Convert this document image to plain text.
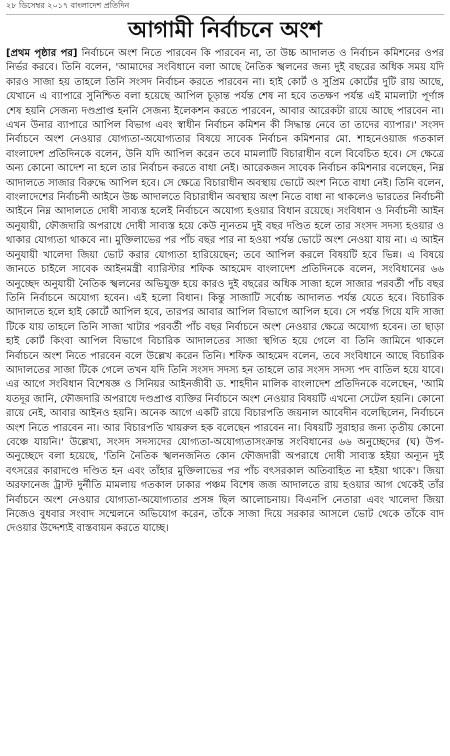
২৮ ডিসেম্বর ২০১৭ বাংলাদেশ প্রতিদিন
আগামী নির্বাচনে অংশ

[প্রথম পৃষ্ঠার পর] নির্বাচনে অংশ নিতে পারবেন কি পারবেন না, তা উচ্চ আদালত ও নির্বাচন কমিশনের ওপর নির্ভর করবে। তিনি বলেন, 'আমাদের সংবিধানে বলা আছে নৈতিক স্খলনের জন্য দুই বছরের অধিক সময় যদি কারও সাজা হয় তাহলে তিনি সংসদ নির্বাচন করতে পারবেন না। হাই কোর্ট ও সুপ্রিম কোর্টের দুটি রায় আছে, যেখানে এ ব্যাপারে সুনিশ্চিত বলা হয়েছে আপিল চূড়ান্ত পর্যন্ত শেষ না হবে ততক্ষণ পর্যন্ত এই মামলাটা পূর্ণাঙ্গ শেষ হয়নি সেজন্য দণ্ডপ্রাপ্ত হননি সেজন্য ইলেকশন করতে পারবেন, আবার আরেকটা রায়ে আছে পারবেন না। এখন উনার ব্যাপারে আপিল বিভাগ এবং স্বাধীন নির্বাচন কমিশন কী সিদ্ধান্ত নেবে তা তাদের ব্যাপার।' সংসদ নির্বাচনে অংশ নেওয়ার যোগ্যতা-অযোগ্যতার বিষয়ে সাবেক নির্বাচন কমিশনার মো. শাহনেওয়াজ গতকাল বাংলাদেশ প্রতিদিনকে বলেন, উনি যদি আপিল করেন তবে মামলাটি বিচারাধীন বলে বিবেচিত হবে। সে ক্ষেত্রে অন্য কোনো আদেশ না হলে তার নির্বাচন করতে বাধা নেই। আরেকজন সাবেক নির্বাচন কমিশনার বলেছেন, নিম্ন আদালতে সাজার বিরুদ্ধে আপিল হবে। সে ক্ষেত্রে বিচারাধীন অবস্থায় ভোটে অংশ নিতে বাধা নেই। তিনি বলেন, বাংলাদেশের নির্বাচনী আইনে উচ্চ আদালতে বিচারাধীন অবস্থায় অংশ নিতে বাধা না থাকলেও ভারতের নির্বাচনী আইনে নিম্ন আদালতে দোষী সাব্যস্ত হলেই নির্বাচনে অযোগ্য হওয়ার বিধান রয়েছে। সংবিধান ও নির্বাচনী আইন অনুযায়ী, ফৌজদারি অপরাধে দোষী সাব্যস্ত হয়ে কেউ ন্যূনতম দুই বছর দণ্ডিত হলে তার সংসদ সদস্য হওয়ার ও থাকার যোগ্যতা থাকবে না। মুক্তিলাভের পর পাঁচ বছর পার না হওয়া পর্যন্ত ভোটে অংশ নেওয়া যায় না। এ আইন অনুযায়ী খালেদা জিয়া ভোট করার যোগ্যতা হারিয়েছেন; তবে আপিল করলে বিষয়টি হবে ভিন্ন। এ বিষয়ে জানতে চাইলে সাবেক আইনমন্ত্রী ব্যারিস্টার শফিক আহমেদ বাংলাদেশ প্রতিদিনকে বলেন, সংবিধানের ৬৬ অনুচ্ছেদ অনুযায়ী নৈতিক স্খলনের অভিযুক্ত হয়ে কারও দুই বছরের অধিক সাজা হলে সাজার পরবর্তী পাঁচ বছর তিনি নির্বাচনে অযোগ্য হবেন। এই হলো বিধান। কিন্তু সাজাটি সর্বোচ্চ আদালত পর্যন্ত যেতে হবে। বিচারিক আদালতে হলে হাই কোর্টে আপিল হবে, তারপর আবার আপিল বিভাগে আপিল হবে। সে পর্যন্ত গিয়ে যদি সাজা টিকে যায় তাহলে তিনি সাজা খাটার পরবর্তী পাঁচ বছর নির্বাচনে অংশ নেওয়ার ক্ষেত্রে অযোগ্য হবেন। তা ছাড়া হাই কোর্ট কিংবা আপিল বিভাগে বিচারিক আদালতের সাজা স্থগিত হয়ে গেলে বা তিনি জামিনে থাকলে নির্বাচনে অংশ নিতে পারবেন বলে উল্লেখ করেন তিনি। শফিক আহমেদ বলেন, তবে সংবিধানে আছে বিচারিক আদালতের সাজা টিকে গেলে তখন যদি তিনি সংসদ সদস্য হন তাহলে তার সংসদ সদস্য পদ বাতিল হয়ে যাবে। এর আগে সংবিধান বিশেষজ্ঞ ও সিনিয়র আইনজীবী ড. শাহদীন মালিক বাংলাদেশ প্রতিদিনকে বলেছেন, 'আমি যতদূর জানি, ফৌজদারি অপরাধে দণ্ডপ্রাপ্ত ব্যক্তির নির্বাচনে অংশ নেওয়ার বিষয়টি এখনো সেটেল হয়নি। কোনো রায়ে নেই, আবার আইনও হয়নি। অনেক আগে একটি রায়ে বিচারপতি জয়নাল আবেদীন বলেছিলেন, নির্বাচনে অংশ নিতে পারবেন না। আর বিচারপতি খায়রুল হক বলেছেন পারবেন না। বিষয়টি সুরাহার জন্য তৃতীয় কোনো বেঞ্চে যায়নি।' উল্লেখ্য, সংসদ সদস্যদের যোগ্যতা-অযোগ্যতাসংক্রান্ত সংবিধানের ৬৬ অনুচ্ছেদের (ঘ) উপ-অনুচ্ছেদে বলা হয়েছে, 'তিনি নৈতিক স্খলনজনিত কোন ফৌজদারী অপরাধে দোষী সাব্যস্ত হইয়া অন্যূন দুই বৎসরের কারাদণ্ডে দণ্ডিত হন এবং তাঁহার মুক্তিলাভের পর পাঁচ বৎসরকাল অতিবাহিত না হইয়া থাকে'। জিয়া অরফানেজ ট্রাস্ট দুর্নীতি মামলায় গতকাল ঢাকার পঞ্চম বিশেষ জজ আদালতে রায় হওয়ার আগ থেকেই তাঁর নির্বাচনে অংশ নেওয়ার যোগ্যতা-অযোগ্যতার প্রসঙ্গ ছিল আলোচনায়। বিএনপি নেতারা এবং খালেদা জিয়া নিজেও বুধবার সংবাদ সম্মেলনে অভিযোগ করেন, তাঁকে সাজা দিয়ে সরকার আসলে ভোট থেকে তাঁকে বাদ দেওয়ার উদ্দেশ্যই বাস্তবায়ন করতে যাচ্ছে।
